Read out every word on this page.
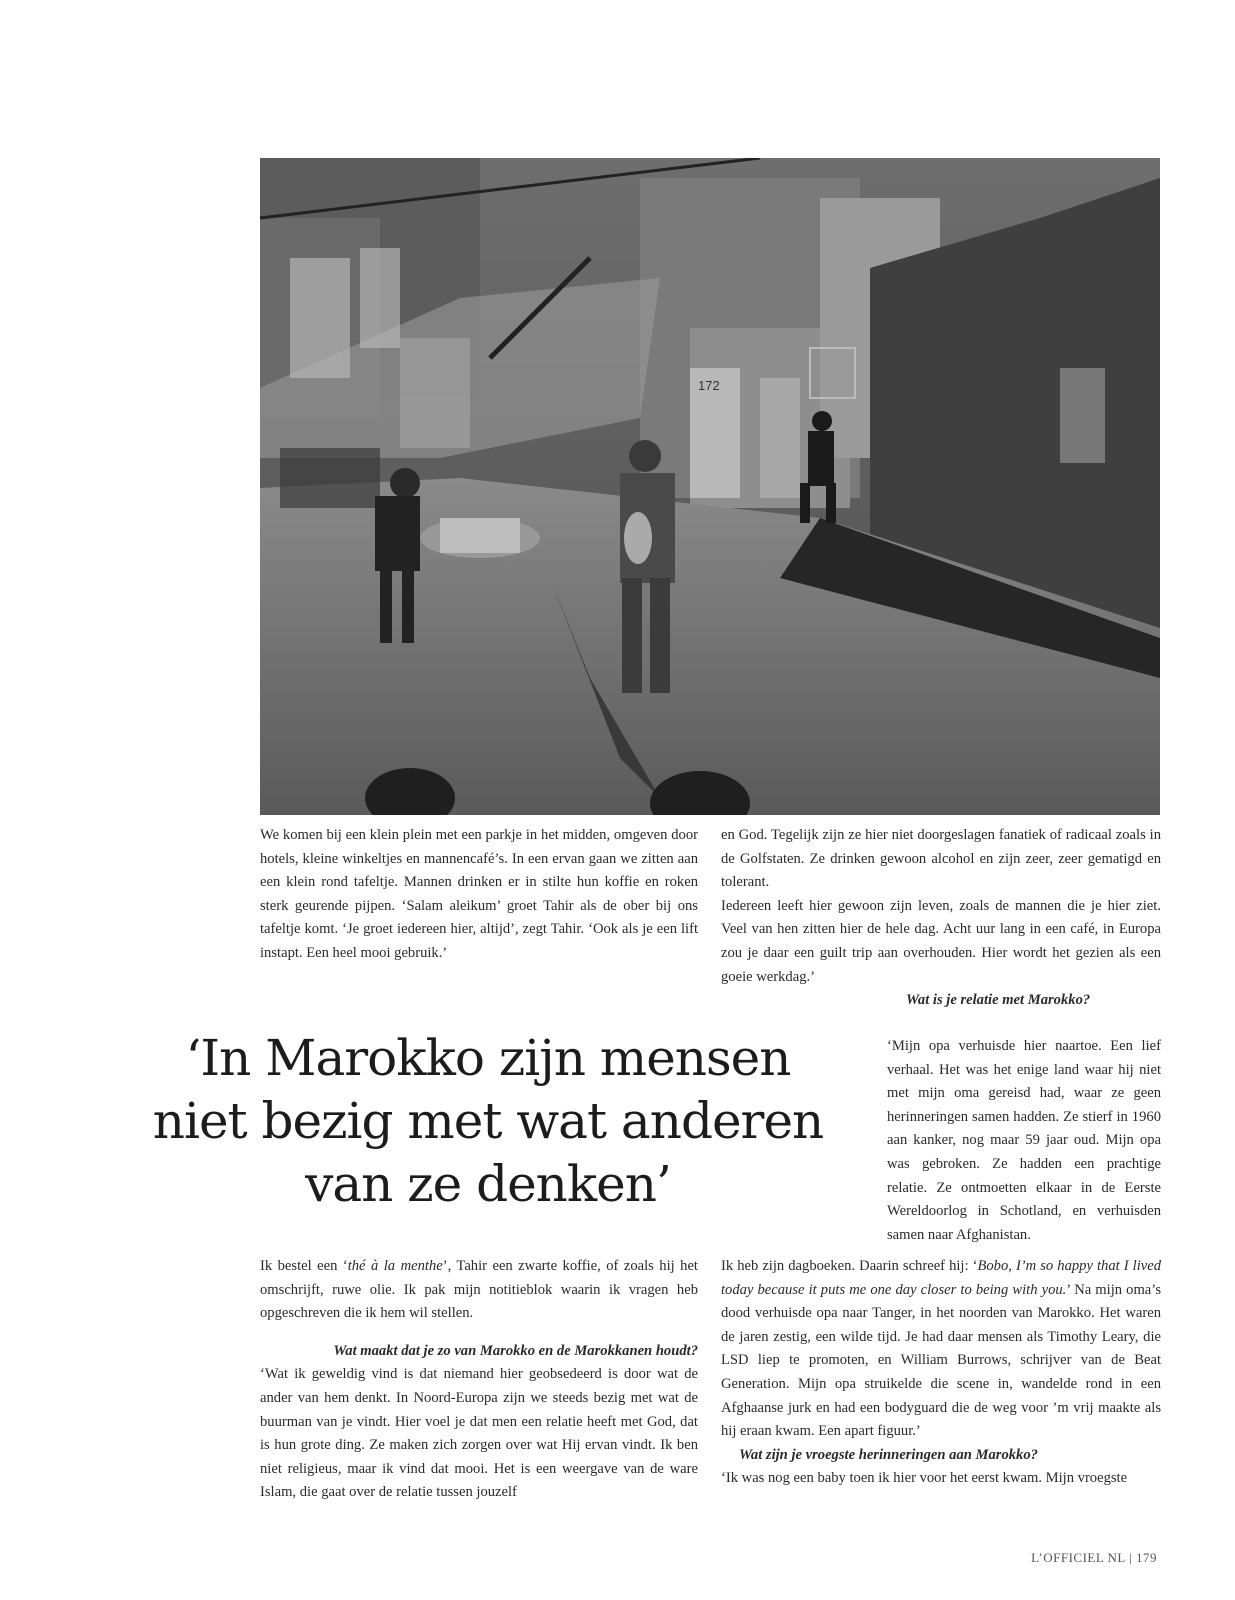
172

We komen bij een klein plein met een parkje in het midden, omgeven door hotels, kleine winkeltjes en mannencafé’s. In een ervan gaan we zitten aan een klein rond tafeltje. Mannen drinken er in stilte hun koffie en roken sterk geurende pijpen. ‘Salam aleikum’ groet Tahir als de ober bij ons tafeltje komt. ‘Je groet iedereen hier, altijd’, zegt Tahir. ‘Ook als je een lift instapt. Een heel mooi gebruik.’

en God. Tegelijk zijn ze hier niet doorgeslagen fanatiek of radicaal zoals in de Golfstaten. Ze drinken gewoon alcohol en zijn zeer, zeer gematigd en tolerant.

Iedereen leeft hier gewoon zijn leven, zoals de mannen die je hier ziet. Veel van hen zitten hier de hele dag. Acht uur lang in een café, in Europa zou je daar een guilt trip aan overhouden. Hier wordt het gezien als een goeie werkdag.’

Wat is je relatie met Marokko?

‘Mijn opa verhuisde hier naartoe. Een lief verhaal. Het was het enige land waar hij niet met mijn oma gereisd had, waar ze geen herinneringen samen hadden. Ze stierf in 1960 aan kanker, nog maar 59 jaar oud. Mijn opa was gebroken. Ze hadden een prachtige relatie. Ze ontmoetten elkaar in de Eerste Wereldoorlog in Schotland, en verhuisden samen naar Afghanistan.

‘In Marokko zijn mensen
niet bezig met wat anderen
van ze denken’

Ik bestel een ‘thé à la menthe’, Tahir een zwarte koffie, of zoals hij het omschrijft, ruwe olie. Ik pak mijn notitieblok waarin ik vragen heb opgeschreven die ik hem wil stellen.

Wat maakt dat je zo van Marokko en de Marokkanen houdt?

‘Wat ik geweldig vind is dat niemand hier geobsedeerd is door wat de ander van hem denkt. In Noord-Europa zijn we steeds bezig met wat de buurman van je vindt. Hier voel je dat men een relatie heeft met God, dat is hun grote ding. Ze maken zich zorgen over wat Hij ervan vindt. Ik ben niet religieus, maar ik vind dat mooi. Het is een weergave van de ware Islam, die gaat over de relatie tussen jouzelf

Ik heb zijn dagboeken. Daarin schreef hij: ‘Bobo, I’m so happy that I lived today because it puts me one day closer to being with you.’ Na mijn oma’s dood verhuisde opa naar Tanger, in het noorden van Marokko. Het waren de jaren zestig, een wilde tijd. Je had daar mensen als Timothy Leary, die LSD liep te promoten, en William Burrows, schrijver van de Beat Generation. Mijn opa struikelde die scene in, wandelde rond in een Afghaanse jurk en had een bodyguard die de weg voor ’m vrij maakte als hij eraan kwam. Een apart figuur.’

Wat zijn je vroegste herinneringen aan Marokko?

‘Ik was nog een baby toen ik hier voor het eerst kwam. Mijn vroegste

L’OFFICIEL NL | 179
